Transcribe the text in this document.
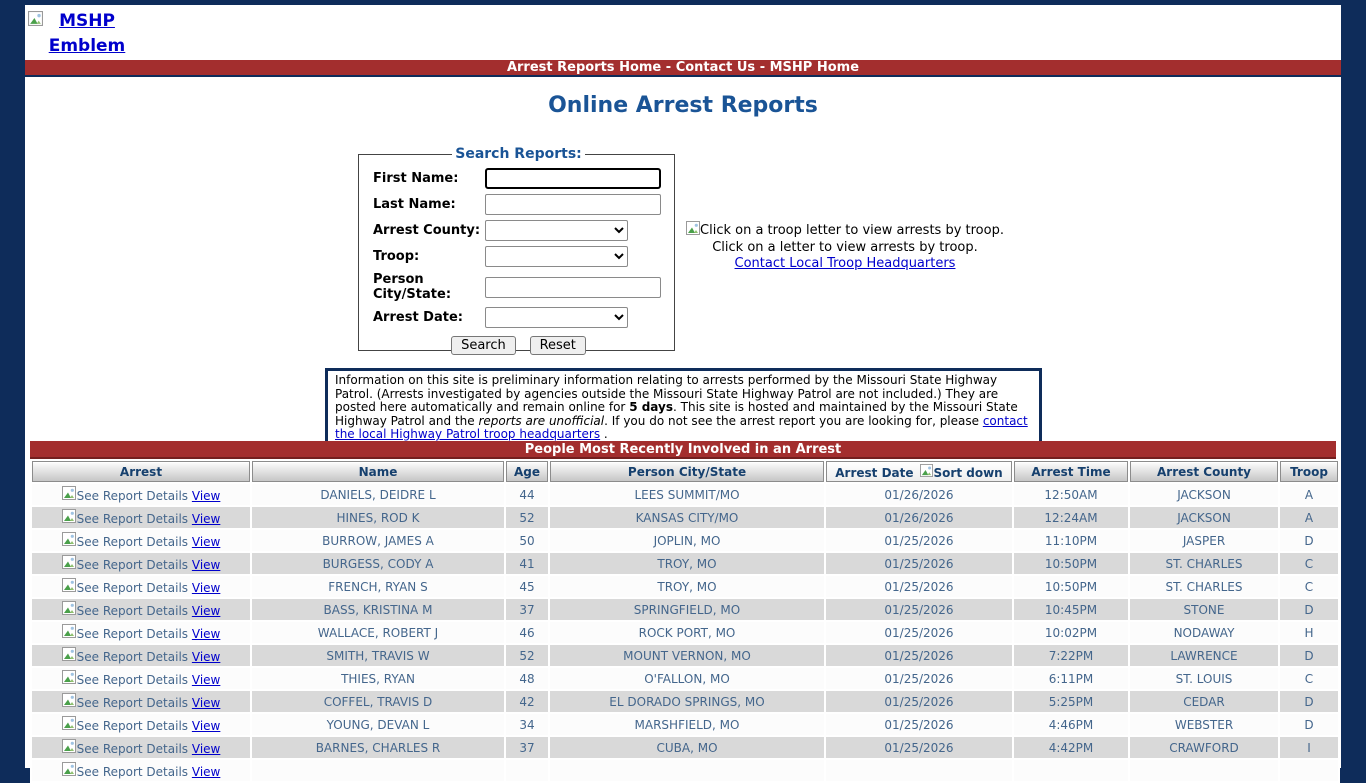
MSHP Emblem
Arrest Reports Home - Contact Us - MSHP Home
Online Arrest Reports
Search Reports:
First Name:
Last Name:
Arrest County:
Troop:
Person City/State:
Arrest Date:
Search	Reset
Click on a troop letter to view arrests by troop.
Click on a letter to view arrests by troop.
Contact Local Troop Headquarters
Information on this site is preliminary information relating to arrests performed by the Missouri State Highway Patrol. (Arrests investigated by agencies outside the Missouri State Highway Patrol are not included.) They are posted here automatically and remain online for 5 days. This site is hosted and maintained by the Missouri State Highway Patrol and the reports are unofficial. If you do not see the arrest report you are looking for, please contact the local Highway Patrol troop headquarters .
People Most Recently Involved in an Arrest
Arrest	Name	Age	Person City/State	Arrest Date Sort down	Arrest Time	Arrest County	Troop
See Report Details View	DANIELS, DEIDRE L	44	LEES SUMMIT/MO	01/26/2026	12:50AM	JACKSON	A
See Report Details View	HINES, ROD K	52	KANSAS CITY/MO	01/26/2026	12:24AM	JACKSON	A
See Report Details View	BURROW, JAMES A	50	JOPLIN, MO	01/25/2026	11:10PM	JASPER	D
See Report Details View	BURGESS, CODY A	41	TROY, MO	01/25/2026	10:50PM	ST. CHARLES	C
See Report Details View	FRENCH, RYAN S	45	TROY, MO	01/25/2026	10:50PM	ST. CHARLES	C
See Report Details View	BASS, KRISTINA M	37	SPRINGFIELD, MO	01/25/2026	10:45PM	STONE	D
See Report Details View	WALLACE, ROBERT J	46	ROCK PORT, MO	01/25/2026	10:02PM	NODAWAY	H
See Report Details View	SMITH, TRAVIS W	52	MOUNT VERNON, MO	01/25/2026	7:22PM	LAWRENCE	D
See Report Details View	THIES, RYAN	48	O'FALLON, MO	01/25/2026	6:11PM	ST. LOUIS	C
See Report Details View	COFFEL, TRAVIS D	42	EL DORADO SPRINGS, MO	01/25/2026	5:25PM	CEDAR	D
See Report Details View	YOUNG, DEVAN L	34	MARSHFIELD, MO	01/25/2026	4:46PM	WEBSTER	D
See Report Details View	BARNES, CHARLES R	37	CUBA, MO	01/25/2026	4:42PM	CRAWFORD	I
See Report Details View							
